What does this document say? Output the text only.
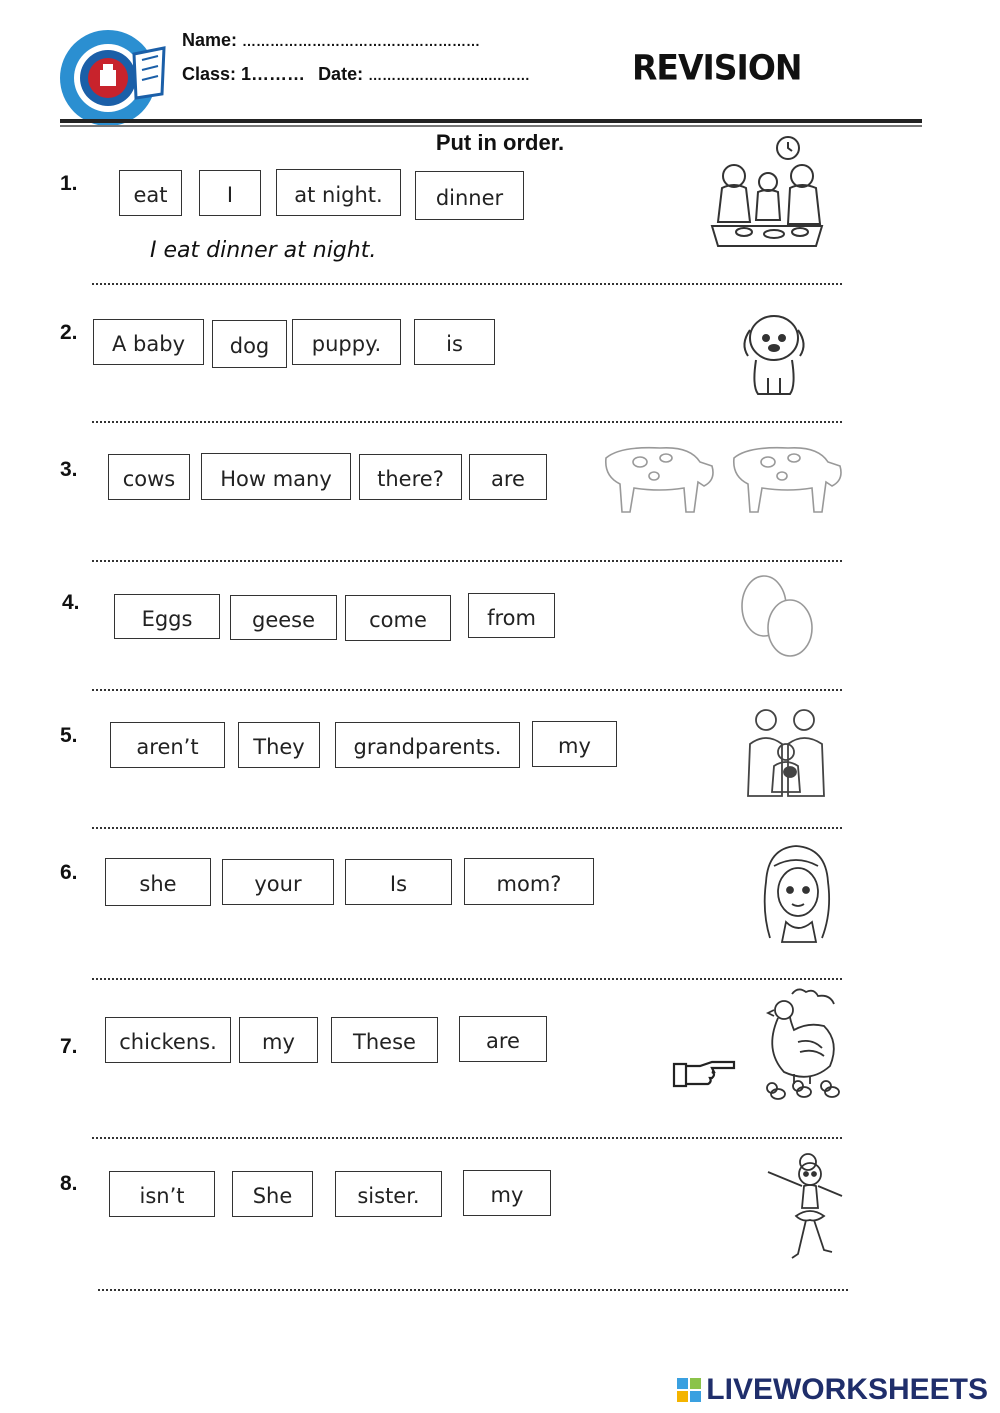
Name: ……………………………………………
Class: 1……… Date: ……………………..………	REVISION
Put in order.
1.	eat	I	at night.	dinner
I eat dinner at night.
2.	A baby	dog	puppy.	is
3.	cows	How many	there?	are
4.
Eggs	geese	come	from
5.	aren’t	They	grandparents.	my
6.	she	your	Is	mom?
7.	chickens.	my	These	are
8.
isn’t	She	sister.	my
LIVEWORKSHEETS
